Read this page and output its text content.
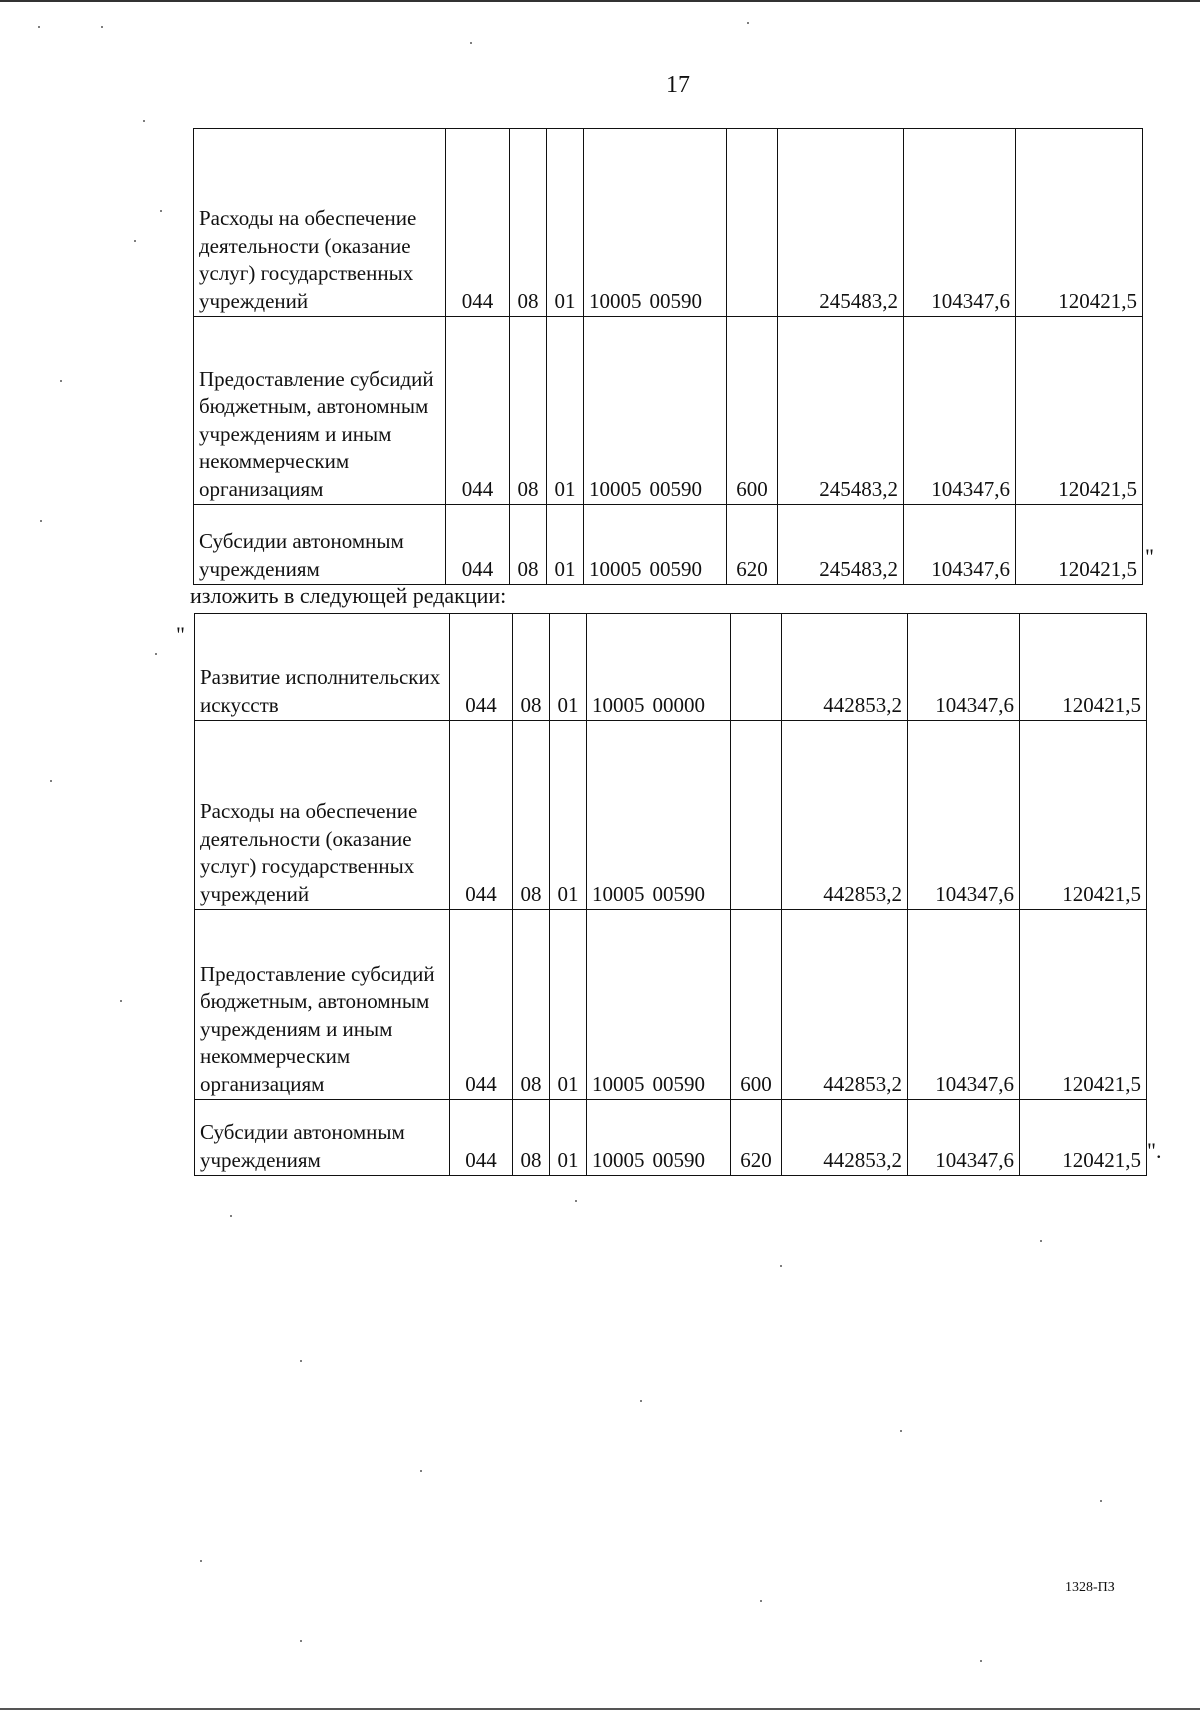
17
Расходы на обеспечение деятельности (оказание услуг) государственных учреждений	044	08	01	10005 00590		245483,2	104347,6	120421,5
Предоставление субсидий бюджетным, автономным учреждениям и иным некоммерческим организациям	044	08	01	10005 00590	600	245483,2	104347,6	120421,5
Субсидии автономным учреждениям	044	08	01	10005 00590	620	245483,2	104347,6	120421,5 "
изложить в следующей редакции:
"
Развитие исполнительских искусств	044	08	01	10005 00000		442853,2	104347,6	120421,5
Расходы на обеспечение деятельности (оказание услуг) государственных учреждений	044	08	01	10005 00590		442853,2	104347,6	120421,5
Предоставление субсидий бюджетным, автономным учреждениям и иным некоммерческим организациям	044	08	01	10005 00590	600	442853,2	104347,6	120421,5
Субсидии автономным учреждениям	044	08	01	10005 00590	620	442853,2	104347,6	120421,5 ".
1328-ПЗ
